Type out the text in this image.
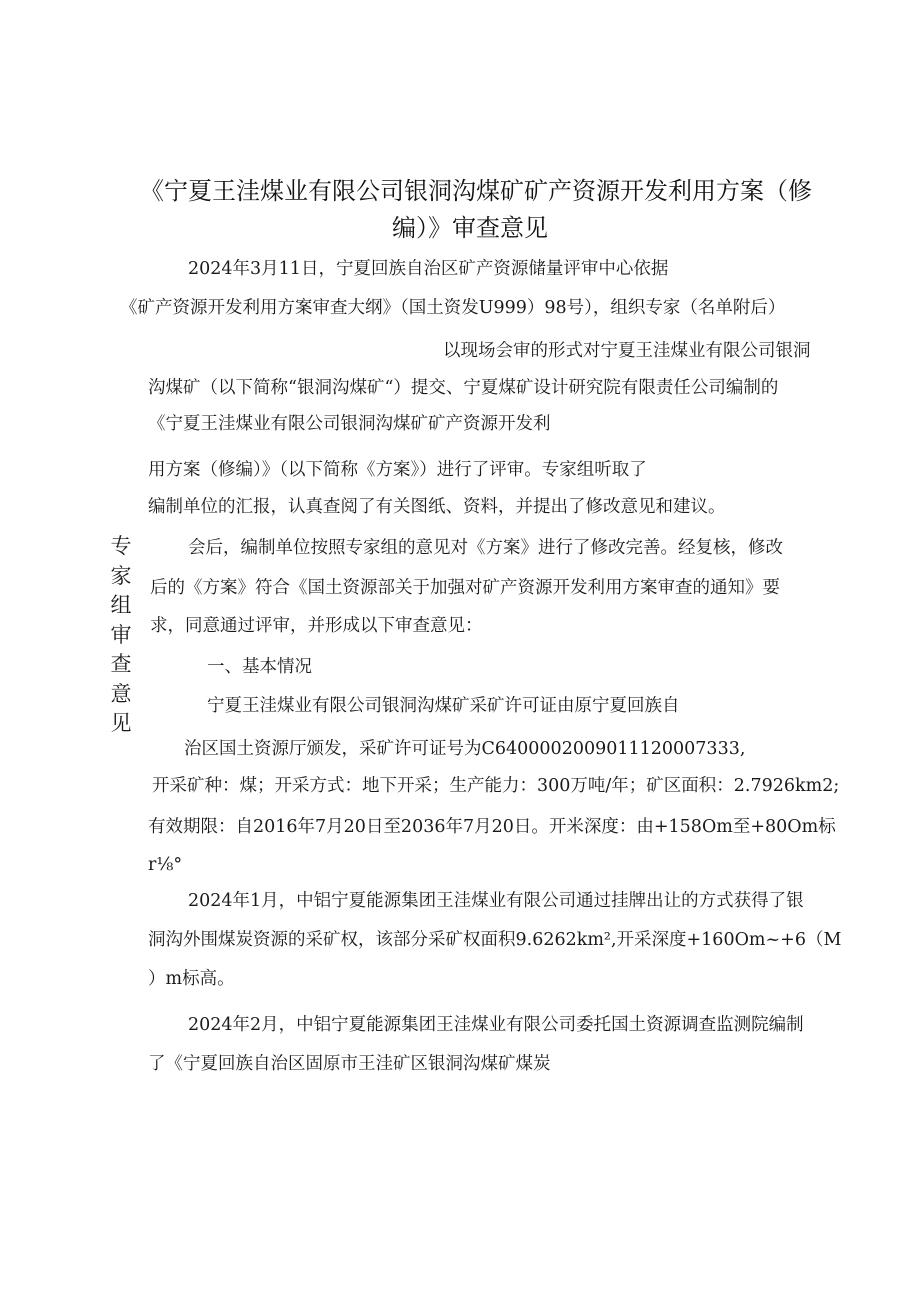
《宁夏王洼煤业有限公司银洞沟煤矿矿产资源开发利用方案（修
编）》审查意见
2024年3月11日，宁夏回族自治区矿产资源储量评审中心依据
《矿产资源开发利用方案审查大纲》（国土资发U999）98号），组织专家（名单附后）
以现场会审的形式对宁夏王洼煤业有限公司银洞
沟煤矿（以下简称“银洞沟煤矿“）提交、宁夏煤矿设计研究院有限责任公司编制的
《宁夏王洼煤业有限公司银洞沟煤矿矿产资源开发利
用方案（修编）》（以下简称《方案》）进行了评审。专家组听取了
编制单位的汇报，认真查阅了有关图纸、资料，并提出了修改意见和建议。
专
家
组
审
查
意
见
会后，编制单位按照专家组的意见对《方案》进行了修改完善。经复核，修改
后的《方案》符合《国土资源部关于加强对矿产资源开发利用方案审查的通知》要
求，同意通过评审，并形成以下审查意见：
一、基本情况
宁夏王洼煤业有限公司银洞沟煤矿采矿许可证由原宁夏回族自
治区国土资源厅颁发，采矿许可证号为C6400002009011120007333,
开采矿种：煤；开采方式：地下开采；生产能力：300万吨/年；矿区面积：2.7926km2;
有效期限：自2016年7月20日至2036年7月20日。开米深度：由+158Om至+80Om标
r⅛°
2024年1月，中铝宁夏能源集团王洼煤业有限公司通过挂牌出让的方式获得了银
洞沟外围煤炭资源的采矿权，该部分采矿权面积9.6262km²,开采深度+160Om~+6（M
）m标高。
2024年2月，中铝宁夏能源集团王洼煤业有限公司委托国土资源调查监测院编制
了《宁夏回族自治区固原市王洼矿区银洞沟煤矿煤炭
